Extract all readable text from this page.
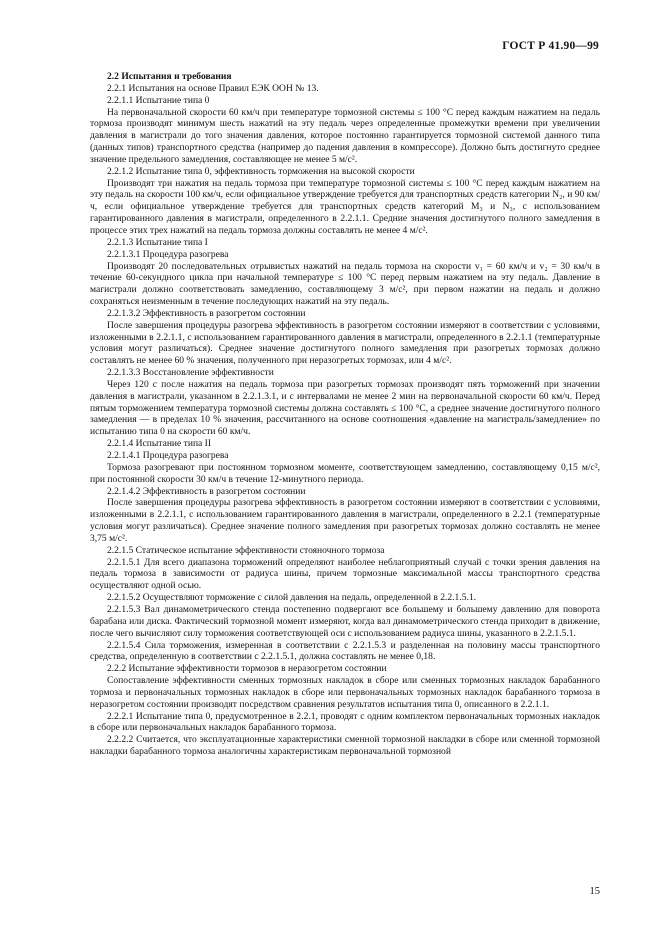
ГОСТ Р 41.90—99

2.2 Испытания и требования

2.2.1 Испытания на основе Правил ЕЭК ООН № 13.

2.2.1.1 Испытание типа 0

На первоначальной скорости 60 км/ч при температуре тормозной системы ≤ 100 °С перед каждым нажатием на педаль тормоза производят минимум шесть нажатий на эту педаль через определенные промежутки времени при увеличении давления в магистрали до того значения давления, которое постоянно гарантируется тормозной системой данного типа (данных типов) транспортного средства (например до падения давления в компрессоре). Должно быть достигнуто среднее значение предельного замедления, составляющее не менее 5 м/с².

2.2.1.2 Испытание типа 0, эффективность торможения на высокой скорости

Производят три нажатия на педаль тормоза при температуре тормозной системы ≤ 100 °С перед каждым нажатием на эту педаль на скорости 100 км/ч, если официальное утверждение требуется для транспортных средств категории N₂, и 90 км/ч, если официальное утверждение требуется для транспортных средств категорий M₃ и N₃, с использованием гарантированного давления в магистрали, определенного в 2.2.1.1. Средние значения достигнутого полного замедления в процессе этих трех нажатий на педаль тормоза должны составлять не менее 4 м/с².

2.2.1.3 Испытание типа I

2.2.1.3.1 Процедура разогрева

Производят 20 последовательных отрывистых нажатий на педаль тормоза на скорости v₁ = 60 км/ч и v₂ = 30 км/ч в течение 60-секундного цикла при начальной температуре ≤ 100 °С перед первым нажатием на эту педаль. Давление в магистрали должно соответствовать замедлению, составляющему 3 м/с², при первом нажатии на педаль и должно сохраняться неизменным в течение последующих нажатий на эту педаль.

2.2.1.3.2 Эффективность в разогретом состоянии

После завершения процедуры разогрева эффективность в разогретом состоянии измеряют в соответствии с условиями, изложенными в 2.2.1.1, с использованием гарантированного давления в магистрали, определенного в 2.2.1.1 (температурные условия могут различаться). Среднее значение достигнутого полного замедления при разогретых тормозах должно составлять не менее 60 % значения, полученного при неразогретых тормозах, или 4 м/с².

2.2.1.3.3 Восстановление эффективности

Через 120 с после нажатия на педаль тормоза при разогретых тормозах производят пять торможений при значении давления в магистрали, указанном в 2.2.1.3.1, и с интервалами не менее 2 мин на первоначальной скорости 60 км/ч. Перед пятым торможением температура тормозной системы должна составлять ≤ 100 °С, а среднее значение достигнутого полного замедления — в пределах 10 % значения, рассчитанного на основе соотношения «давление на магистраль/замедление» по испытанию типа 0 на скорости 60 км/ч.

2.2.1.4 Испытание типа II

2.2.1.4.1 Процедура разогрева

Тормоза разогревают при постоянном тормозном моменте, соответствующем замедлению, составляющему 0,15 м/с², при постоянной скорости 30 км/ч в течение 12-минутного периода.

2.2.1.4.2 Эффективность в разогретом состоянии

После завершения процедуры разогрева эффективность в разогретом состоянии измеряют в соответствии с условиями, изложенными в 2.2.1.1, с использованием гарантированного давления в магистрали, определенного в 2.2.1 (температурные условия могут различаться). Среднее значение полного замедления при разогретых тормозах должно составлять не менее 3,75 м/с².

2.2.1.5 Статическое испытание эффективности стояночного тормоза

2.2.1.5.1 Для всего диапазона торможений определяют наиболее неблагоприятный случай с точки зрения давления на педаль тормоза в зависимости от радиуса шины, причем тормозные максимальной массы транспортного средства осуществляют одной осью.

2.2.1.5.2 Осуществляют торможение с силой давления на педаль, определенной в 2.2.1.5.1.

2.2.1.5.3 Вал динамометрического стенда постепенно подвергают все большему и большему давлению для поворота барабана или диска. Фактический тормозной момент измеряют, когда вал динамометрического стенда приходит в движение, после чего вычисляют силу торможения соответствующей оси с использованием радиуса шины, указанного в 2.2.1.5.1.

2.2.1.5.4 Сила торможения, измеренная в соответствии с 2.2.1.5.3 и разделенная на половину массы транспортного средства, определенную в соответствии с 2.2.1.5.1, должна составлять не менее 0,18.

2.2.2 Испытание эффективности тормозов в неразогретом состоянии

Сопоставление эффективности сменных тормозных накладок в сборе или сменных тормозных накладок барабанного тормоза и первоначальных тормозных накладок в сборе или первоначальных тормозных накладок барабанного тормоза в неразогретом состоянии производят посредством сравнения результатов испытания типа 0, описанного в 2.2.1.1.

2.2.2.1 Испытание типа 0, предусмотренное в 2.2.1, проводят с одним комплектом первоначальных тормозных накладок в сборе или первоначальных накладок барабанного тормоза.

2.2.2.2 Считается, что эксплуатационные характеристики сменной тормозной накладки в сборе или сменной тормозной накладки барабанного тормоза аналогичны характеристикам первоначальной тормозной

15
